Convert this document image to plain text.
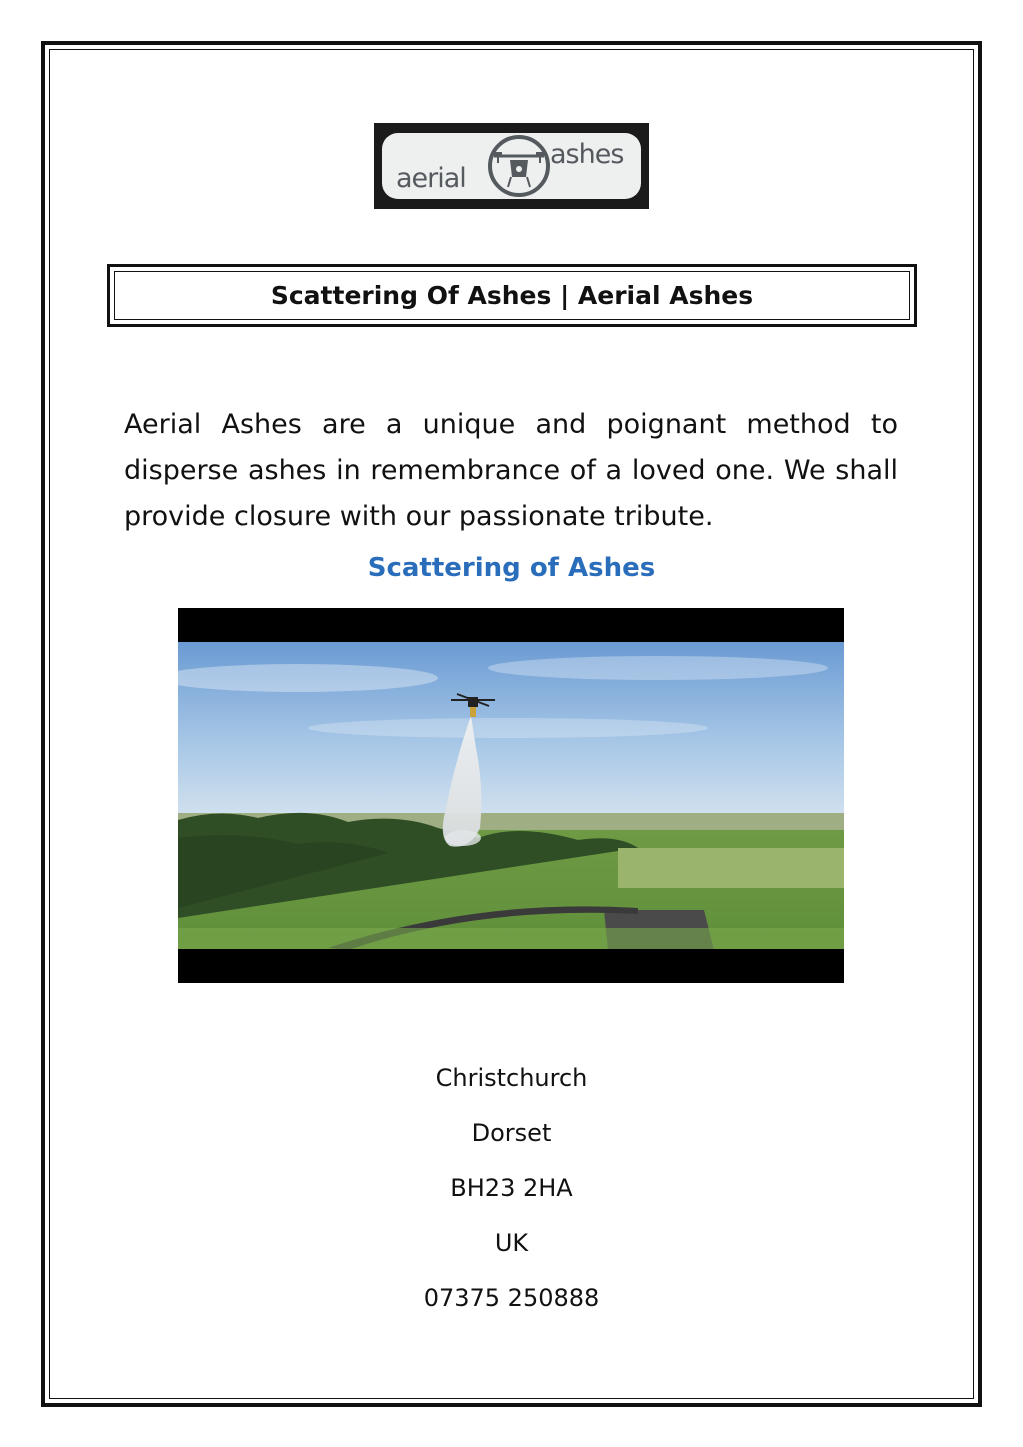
aerial
ashes
Scattering Of Ashes | Aerial Ashes

Aerial Ashes are a unique and poignant method to disperse ashes in remembrance of a loved one. We shall provide closure with our passionate tribute.

Scattering of Ashes
Christchurch
Dorset
BH23 2HA
UK
07375 250888
